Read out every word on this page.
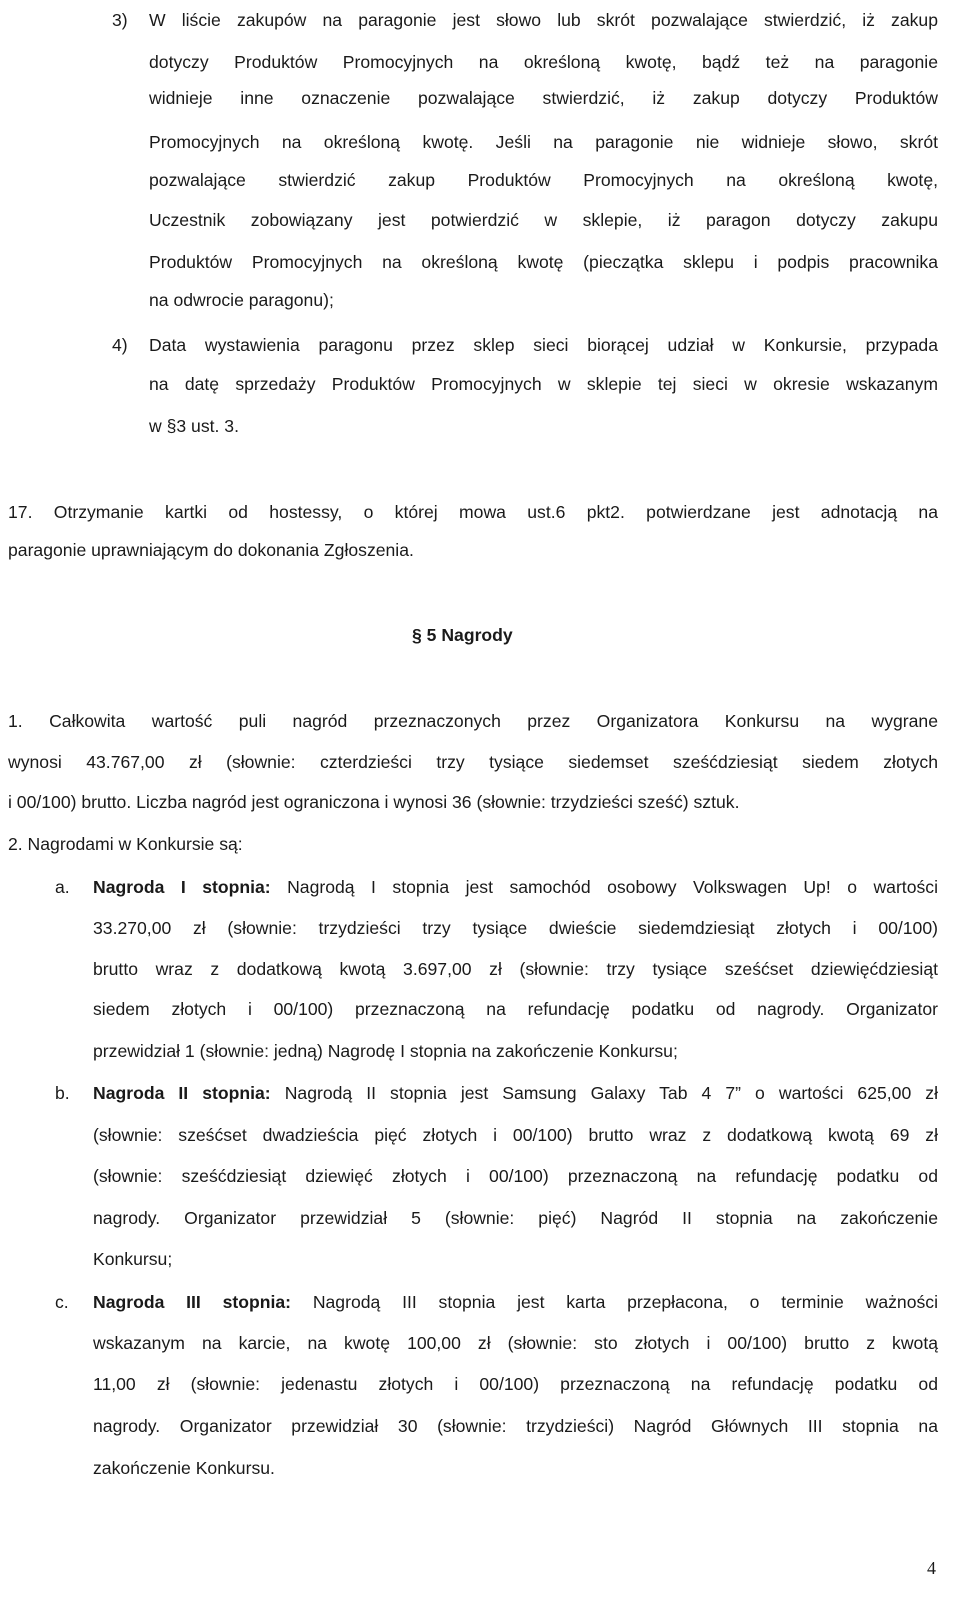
3) W liście zakupów na paragonie jest słowo lub skrót pozwalające stwierdzić, iż zakup
dotyczy Produktów Promocyjnych na określoną kwotę, bądź też na paragonie
widnieje inne oznaczenie pozwalające stwierdzić, iż zakup dotyczy Produktów
Promocyjnych na określoną kwotę. Jeśli na paragonie nie widnieje słowo, skrót
pozwalające stwierdzić zakup Produktów Promocyjnych na określoną kwotę,
Uczestnik zobowiązany jest potwierdzić w sklepie, iż paragon dotyczy zakupu
Produktów Promocyjnych na określoną kwotę (pieczątka sklepu i podpis pracownika
na odwrocie paragonu);
4) Data wystawienia paragonu przez sklep sieci biorącej udział w Konkursie, przypada
na datę sprzedaży Produktów Promocyjnych w sklepie tej sieci w okresie wskazanym
w §3 ust. 3.
17. Otrzymanie kartki od hostessy, o której mowa ust.6 pkt2. potwierdzane jest adnotacją na
paragonie uprawniającym do dokonania Zgłoszenia.
§ 5 Nagrody
1. Całkowita wartość puli nagród przeznaczonych przez Organizatora Konkursu na wygrane
wynosi 43.767,00 zł (słownie: czterdzieści trzy tysiące siedemset sześćdziesiąt siedem złotych
i 00/100) brutto. Liczba nagród jest ograniczona i wynosi 36 (słownie: trzydzieści sześć) sztuk.
2. Nagrodami w Konkursie są:
a. Nagroda I stopnia: Nagrodą I stopnia jest samochód osobowy Volkswagen Up! o wartości
33.270,00 zł (słownie: trzydzieści trzy tysiące dwieście siedemdziesiąt złotych i 00/100)
brutto wraz z dodatkową kwotą 3.697,00 zł (słownie: trzy tysiące sześćset dziewięćdziesiąt
siedem złotych i 00/100) przeznaczoną na refundację podatku od nagrody. Organizator
przewidział 1 (słownie: jedną) Nagrodę I stopnia na zakończenie Konkursu;
b. Nagroda II stopnia: Nagrodą II stopnia jest Samsung Galaxy Tab 4 7” o wartości 625,00 zł
(słownie: sześćset dwadzieścia pięć złotych i 00/100) brutto wraz z dodatkową kwotą 69 zł
(słownie: sześćdziesiąt dziewięć złotych i 00/100) przeznaczoną na refundację podatku od
nagrody. Organizator przewidział 5 (słownie: pięć) Nagród II stopnia na zakończenie
Konkursu;
c. Nagroda III stopnia: Nagrodą III stopnia jest karta przepłacona, o terminie ważności
wskazanym na karcie, na kwotę 100,00 zł (słownie: sto złotych i 00/100) brutto z kwotą
11,00 zł (słownie: jedenastu złotych i 00/100) przeznaczoną na refundację podatku od
nagrody. Organizator przewidział 30 (słownie: trzydzieści) Nagród Głównych III stopnia na
zakończenie Konkursu.
4
